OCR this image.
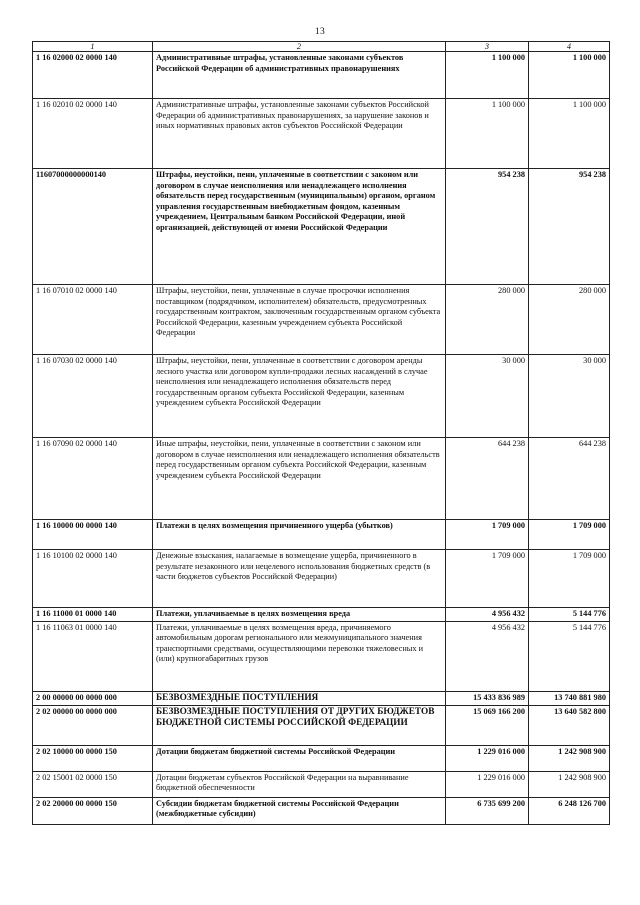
13
1	2	3	4
1 16 02000 02 0000 140	Административные штрафы, установленные законами субъектов Российской Федерации об административных правонарушениях	1 100 000	1 100 000
1 16 02010 02 0000 140	Административные штрафы, установленные законами субъектов Российской Федерации об административных правонарушениях, за нарушение законов и иных нормативных правовых актов субъектов Российской Федерации	1 100 000	1 100 000
11607000000000140	Штрафы, неустойки, пени, уплаченные в соответствии с законом или договором в случае неисполнения или ненадлежащего исполнения обязательств перед государственным (муниципальным) органом, органом управления государственным внебюджетным фондом, казенным учреждением, Центральным банком Российской Федерации, иной организацией, действующей от имени Российской Федерации	954 238	954 238
1 16 07010 02 0000 140	Штрафы, неустойки, пени, уплаченные в случае просрочки исполнения поставщиком (подрядчиком, исполнителем) обязательств, предусмотренных государственным контрактом, заключенным государственным органом субъекта Российской Федерации, казенным учреждением субъекта Российской Федерации	280 000	280 000
1 16 07030 02 0000 140	Штрафы, неустойки, пени, уплаченные в соответствии с договором аренды лесного участка или договором купли-продажи лесных насаждений в случае неисполнения или ненадлежащего исполнения обязательств перед государственным органом субъекта Российской Федерации, казенным учреждением субъекта Российской Федерации	30 000	30 000
1 16 07090 02 0000 140	Иные штрафы, неустойки, пени, уплаченные в соответствии с законом или договором в случае неисполнения или ненадлежащего исполнения обязательств перед государственным органом субъекта Российской Федерации, казенным учреждением субъекта Российской Федерации	644 238	644 238
1 16 10000 00 0000 140	Платежи в целях возмещения причиненного ущерба (убытков)	1 709 000	1 709 000
1 16 10100 02 0000 140	Денежные взыскания, налагаемые в возмещение ущерба, причиненного в результате незаконного или нецелевого использования бюджетных средств (в части бюджетов субъектов Российской Федерации)	1 709 000	1 709 000
1 16 11000 01 0000 140	Платежи, уплачиваемые в целях возмещения вреда	4 956 432	5 144 776
1 16 11063 01 0000 140	Платежи, уплачиваемые в целях возмещения вреда, причиняемого автомобильным дорогам регионального или межмуниципального значения транспортными средствами, осуществляющими перевозки тяжеловесных и (или) крупногабаритных грузов	4 956 432	5 144 776
2 00 00000 00 0000 000	БЕЗВОЗМЕЗДНЫЕ ПОСТУПЛЕНИЯ	15 433 836 989	13 740 881 980
2 02 00000 00 0000 000	БЕЗВОЗМЕЗДНЫЕ ПОСТУПЛЕНИЯ ОТ ДРУГИХ БЮДЖЕТОВ БЮДЖЕТНОЙ СИСТЕМЫ РОССИЙСКОЙ ФЕДЕРАЦИИ	15 069 166 200	13 640 582 800
2 02 10000 00 0000 150	Дотации бюджетам бюджетной системы Российской Федерации	1 229 016 000	1 242 908 900
2 02 15001 02 0000 150	Дотации бюджетам субъектов Российской Федерации на выравнивание бюджетной обеспеченности	1 229 016 000	1 242 908 900
2 02 20000 00 0000 150	Субсидии бюджетам бюджетной системы Российской Федерации (межбюджетные субсидии)	6 735 699 200	6 248 126 700
